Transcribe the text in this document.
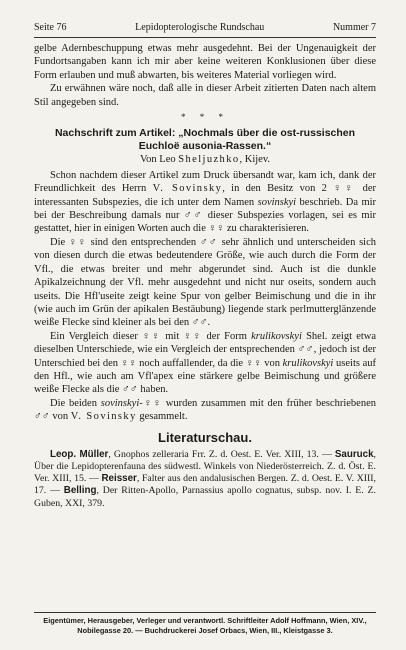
Seite 76	Lepidopterologische Rundschau	Nummer 7

gelbe Adernbeschuppung etwas mehr ausgedehnt. Bei der Ungenauigkeit der Fundortsangaben kann ich mir aber keine weiteren Konklusionen über diese Form erlauben und muß abwarten, bis weiteres Material vorliegen wird.

Zu erwähnen wäre noch, daß alle in dieser Arbeit zitierten Daten nach altem Stil angegeben sind.

* * *
Nachschrift zum Artikel: „Nochmals über die ost-russischen Euchloë ausonia-Rassen.“
Von Leo Sheljuzhko, Kijev.

Schon nachdem dieser Artikel zum Druck übersandt war, kam ich, dank der Freundlichkeit des Herrn V. Sovinsky, in den Besitz von 2 ♀♀ der interessanten Subspezies, die ich unter dem Namen sovinskyi beschrieb. Da mir bei der Beschreibung damals nur ♂♂ dieser Subspezies vorlagen, sei es mir gestattet, hier in einigen Worten auch die ♀♀ zu charakterisieren.

Die ♀♀ sind den entsprechenden ♂♂ sehr ähnlich und unterscheiden sich von diesen durch die etwas bedeutendere Größe, wie auch durch die Form der Vfl., die etwas breiter und mehr abgerundet sind. Auch ist die dunkle Apikalzeichnung der Vfl. mehr ausgedehnt und nicht nur oseits, sondern auch useits. Die Hfl'useite zeigt keine Spur von gelber Beimischung und die in ihr (wie auch im Grün der apikalen Bestäubung) liegende stark perlmutterglänzende weiße Flecke sind kleiner als bei den ♂♂.

Ein Vergleich dieser ♀♀ mit ♀♀ der Form krulikovskyi Shel. zeigt etwa dieselben Unterschiede, wie ein Vergleich der entsprechenden ♂♂, jedoch ist der Unterschied bei den ♀♀ noch auffallender, da die ♀♀ von krulikovskyi useits auf den Hfl., wie auch am Vfl'apex eine stärkere gelbe Beimischung und größere weiße Flecke als die ♂♂ haben.

Die beiden sovinskyi-♀♀ wurden zusammen mit den früher beschriebenen ♂♂ von V. Sovinsky gesammelt.

Literaturschau.

Leop. Müller, Gnophos zelleraria Frr. Z. d. Oest. E. Ver. XIII, 13. — Sauruck, Über die Lepidopterenfauna des südwestl. Winkels von Niederösterreich. Z. d. Öst. E. Ver. XIII, 15. — Reisser, Falter aus den andalusischen Bergen. Z. d. Oest. E. V. XIII, 17. — Belling, Der Ritten-Apollo, Parnassius apollo cognatus, subsp. nov. I. E. Z. Guben, XXI, 379.

Eigentümer, Herausgeber, Verleger und verantwortl. Schriftleiter Adolf Hoffmann, Wien, XIV., Nobilegasse 20. — Buchdruckerei Josef Orbacs, Wien, III., Kleistgasse 3.
